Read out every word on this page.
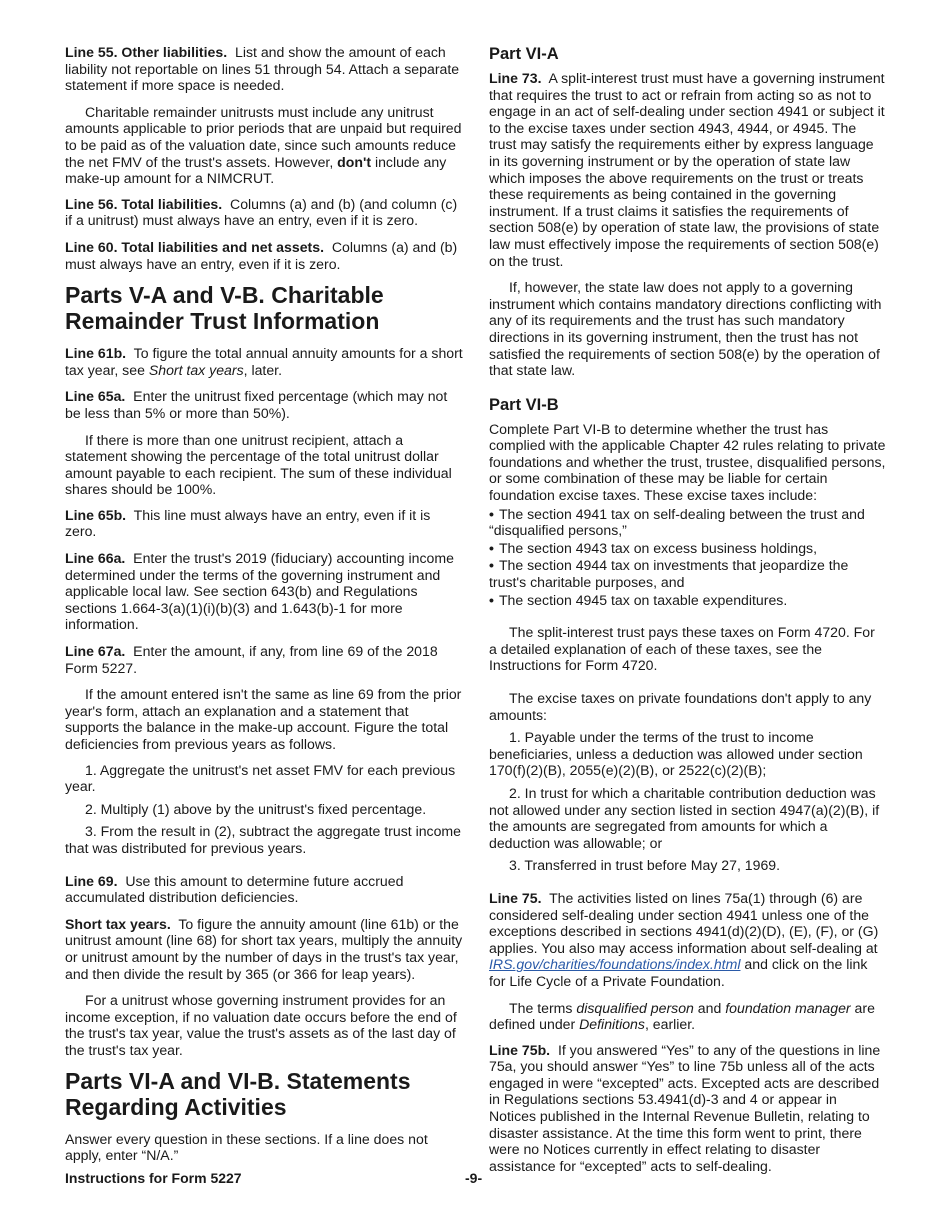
Line 55. Other liabilities. List and show the amount of each liability not reportable on lines 51 through 54. Attach a separate statement if more space is needed.

Charitable remainder unitrusts must include any unitrust amounts applicable to prior periods that are unpaid but required to be paid as of the valuation date, since such amounts reduce the net FMV of the trust's assets. However, don't include any make-up amount for a NIMCRUT.

Line 56. Total liabilities. Columns (a) and (b) (and column (c) if a unitrust) must always have an entry, even if it is zero.

Line 60. Total liabilities and net assets. Columns (a) and (b) must always have an entry, even if it is zero.

Parts V-A and V-B. Charitable Remainder Trust Information

Line 61b. To figure the total annual annuity amounts for a short tax year, see Short tax years, later.

Line 65a. Enter the unitrust fixed percentage (which may not be less than 5% or more than 50%).

If there is more than one unitrust recipient, attach a statement showing the percentage of the total unitrust dollar amount payable to each recipient. The sum of these individual shares should be 100%.

Line 65b. This line must always have an entry, even if it is zero.

Line 66a. Enter the trust's 2019 (fiduciary) accounting income determined under the terms of the governing instrument and applicable local law. See section 643(b) and Regulations sections 1.664-3(a)(1)(i)(b)(3) and 1.643(b)-1 for more information.

Line 67a. Enter the amount, if any, from line 69 of the 2018 Form 5227.

If the amount entered isn't the same as line 69 from the prior year's form, attach an explanation and a statement that supports the balance in the make-up account. Figure the total deficiencies from previous years as follows.

1. Aggregate the unitrust's net asset FMV for each previous year.

2. Multiply (1) above by the unitrust's fixed percentage.

3. From the result in (2), subtract the aggregate trust income that was distributed for previous years.

Line 69. Use this amount to determine future accrued accumulated distribution deficiencies.

Short tax years. To figure the annuity amount (line 61b) or the unitrust amount (line 68) for short tax years, multiply the annuity or unitrust amount by the number of days in the trust's tax year, and then divide the result by 365 (or 366 for leap years).

For a unitrust whose governing instrument provides for an income exception, if no valuation date occurs before the end of the trust's tax year, value the trust's assets as of the last day of the trust's tax year.

Parts VI-A and VI-B. Statements Regarding Activities

Answer every question in these sections. If a line does not apply, enter “N/A.”

Part VI-A

Line 73. A split-interest trust must have a governing instrument that requires the trust to act or refrain from acting so as not to engage in an act of self-dealing under section 4941 or subject it to the excise taxes under section 4943, 4944, or 4945. The trust may satisfy the requirements either by express language in its governing instrument or by the operation of state law which imposes the above requirements on the trust or treats these requirements as being contained in the governing instrument. If a trust claims it satisfies the requirements of section 508(e) by operation of state law, the provisions of state law must effectively impose the requirements of section 508(e) on the trust.

If, however, the state law does not apply to a governing instrument which contains mandatory directions conflicting with any of its requirements and the trust has such mandatory directions in its governing instrument, then the trust has not satisfied the requirements of section 508(e) by the operation of that state law.

Part VI-B

Complete Part VI-B to determine whether the trust has complied with the applicable Chapter 42 rules relating to private foundations and whether the trust, trustee, disqualified persons, or some combination of these may be liable for certain foundation excise taxes. These excise taxes include:

• The section 4941 tax on self-dealing between the trust and “disqualified persons,”
• The section 4943 tax on excess business holdings,
• The section 4944 tax on investments that jeopardize the trust's charitable purposes, and
• The section 4945 tax on taxable expenditures.

The split-interest trust pays these taxes on Form 4720. For a detailed explanation of each of these taxes, see the Instructions for Form 4720.

The excise taxes on private foundations don't apply to any amounts:

1. Payable under the terms of the trust to income beneficiaries, unless a deduction was allowed under section 170(f)(2)(B), 2055(e)(2)(B), or 2522(c)(2)(B);

2. In trust for which a charitable contribution deduction was not allowed under any section listed in section 4947(a)(2)(B), if the amounts are segregated from amounts for which a deduction was allowable; or

3. Transferred in trust before May 27, 1969.

Line 75. The activities listed on lines 75a(1) through (6) are considered self-dealing under section 4941 unless one of the exceptions described in sections 4941(d)(2)(D), (E), (F), or (G) applies. You also may access information about self-dealing at IRS.gov/charities/foundations/index.html and click on the link for Life Cycle of a Private Foundation.

The terms disqualified person and foundation manager are defined under Definitions, earlier.

Line 75b. If you answered “Yes” to any of the questions in line 75a, you should answer “Yes” to line 75b unless all of the acts engaged in were “excepted” acts. Excepted acts are described in Regulations sections 53.4941(d)-3 and 4 or appear in Notices published in the Internal Revenue Bulletin, relating to disaster assistance. At the time this form went to print, there were no Notices currently in effect relating to disaster assistance for “excepted” acts to self-dealing.

Instructions for Form 5227	-9-
